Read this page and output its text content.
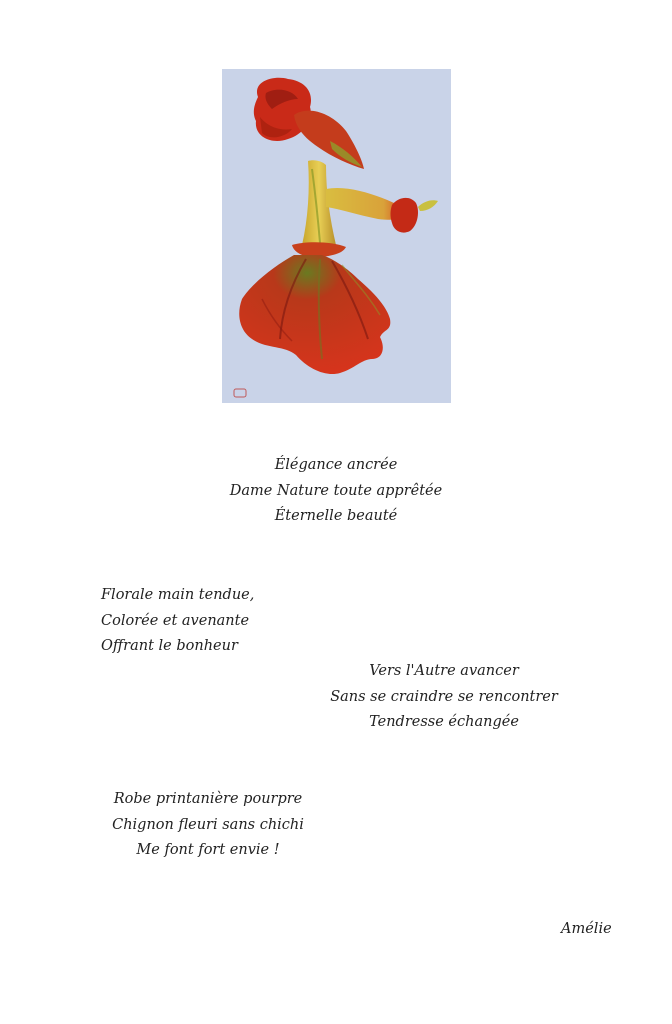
Élégance ancrée
Dame Nature toute apprêtée
Éternelle beauté
Florale main tendue,
Colorée et avenante
Offrant le bonheur
Vers l'Autre avancer
Sans se craindre se rencontrer
Tendresse échangée
Robe printanière pourpre
Chignon fleuri sans chichi
Me font fort envie !
Amélie
